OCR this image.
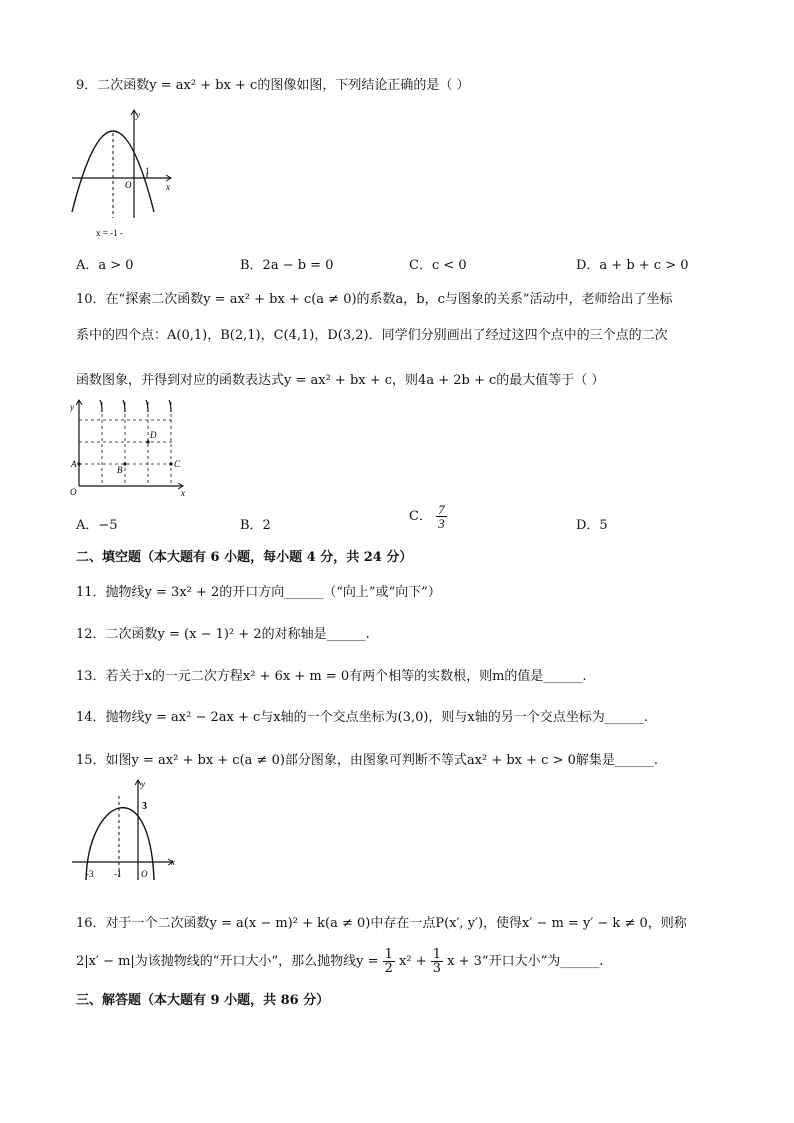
9．二次函数y = ax² + bx + c的图像如图，下列结论正确的是（ ）
y
x
O
1
x = -1 -
A．a > 0	B．2a − b = 0	C．c < 0	D．a + b + c > 0
10．在“探索二次函数y = ax² + bx + c(a ≠ 0)的系数a，b，c与图象的关系”活动中，老师给出了坐标
系中的四个点：A(0,1)，B(2,1)，C(4,1)，D(3,2)．同学们分别画出了经过这四个点中的三个点的二次
函数图象，并得到对应的函数表达式y = ax² + bx + c，则4a + 2b + c的最大值等于（ ）
y
x
O
A
B
C
D
A．−5	B．2
C． $\frac{7}{3}$	D．5
二、填空题（本大题有 6 小题，每小题 4 分，共 24 分）
11．抛物线y = 3x² + 2的开口方向______（“向上”或“向下”）
12．二次函数y = (x − 1)² + 2的对称轴是______.
13．若关于x的一元二次方程x² + 6x + m = 0有两个相等的实数根，则m的值是______.
14．抛物线y = ax² − 2ax + c与x轴的一个交点坐标为(3,0)，则与x轴的另一个交点坐标为______.
15．如图y = ax² + bx + c(a ≠ 0)部分图象，由图象可判断不等式ax² + bx + c > 0解集是______.
y
x
O
-3 -1
3
16．对于一个二次函数y = a(x − m)² + k(a ≠ 0)中存在一点P(x′, y′)，使得x′ − m = y′ − k ≠ 0，则称
2|x′ − m|为该抛物线的“开口大小”，那么抛物线$y = \frac{1}{2} x^2 + \frac{1}{3}$ x + 3“开口大小”为______.
三、解答题（本大题有 9 小题，共 86 分）
